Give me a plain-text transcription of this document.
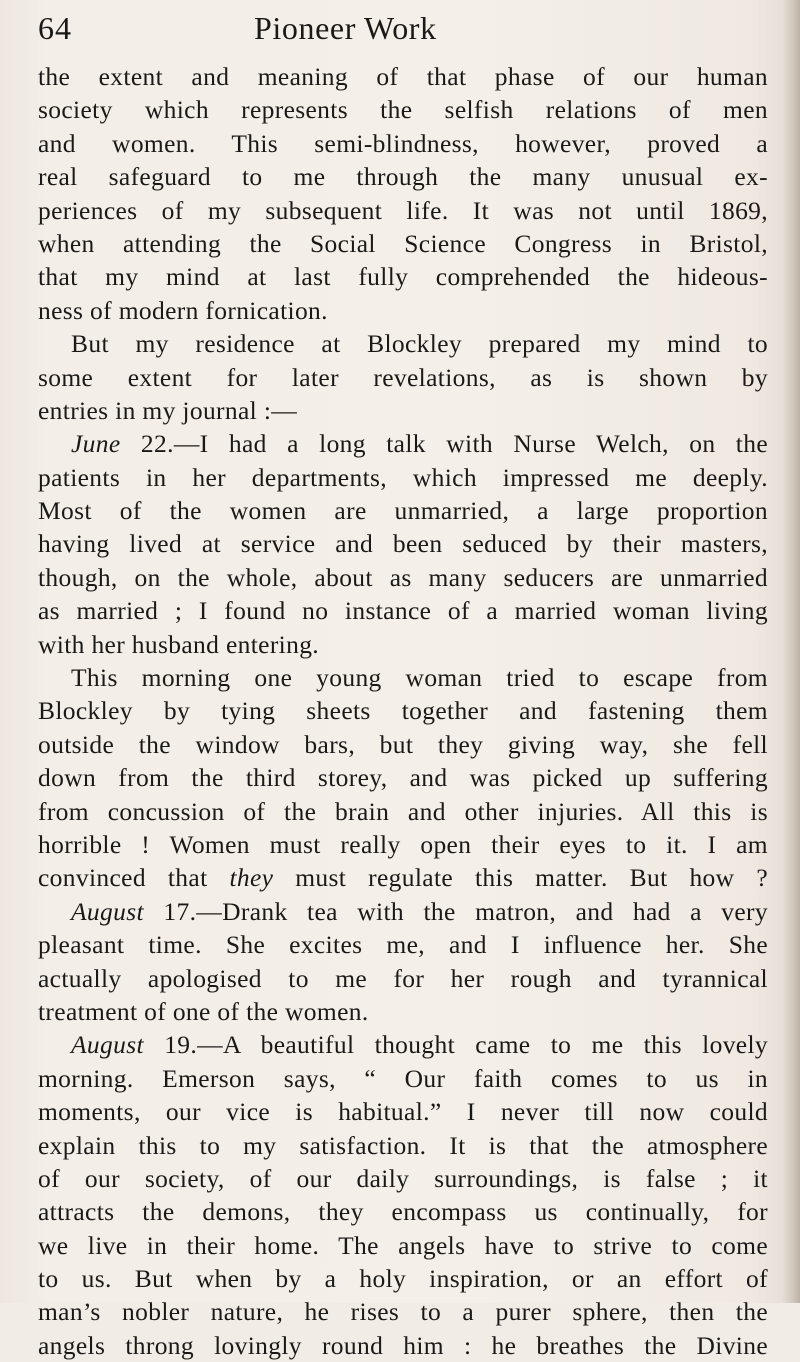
64	Pioneer Work
the extent and meaning of that phase of our human
society which represents the selfish relations of men
and women. This semi-blindness, however, proved a
real safeguard to me through the many unusual ex-
periences of my subsequent life. It was not until 1869,
when attending the Social Science Congress in Bristol,
that my mind at last fully comprehended the hideous-
ness of modern fornication.
But my residence at Blockley prepared my mind to
some extent for later revelations, as is shown by
entries in my journal :—
June 22.—I had a long talk with Nurse Welch, on the
patients in her departments, which impressed me deeply.
Most of the women are unmarried, a large proportion
having lived at service and been seduced by their masters,
though, on the whole, about as many seducers are unmarried
as married ; I found no instance of a married woman living
with her husband entering.
This morning one young woman tried to escape from
Blockley by tying sheets together and fastening them
outside the window bars, but they giving way, she fell
down from the third storey, and was picked up suffering
from concussion of the brain and other injuries. All this is
horrible ! Women must really open their eyes to it. I am
convinced that they must regulate this matter. But how ?
August 17.—Drank tea with the matron, and had a very
pleasant time. She excites me, and I influence her. She
actually apologised to me for her rough and tyrannical
treatment of one of the women.
August 19.—A beautiful thought came to me this lovely
morning. Emerson says, “ Our faith comes to us in
moments, our vice is habitual.” I never till now could
explain this to my satisfaction. It is that the atmosphere
of our society, of our daily surroundings, is false ; it
attracts the demons, they encompass us continually, for
we live in their home. The angels have to strive to come
to us. But when by a holy inspiration, or an effort of
man’s nobler nature, he rises to a purer sphere, then the
angels throng lovingly round him : he breathes the Divine
